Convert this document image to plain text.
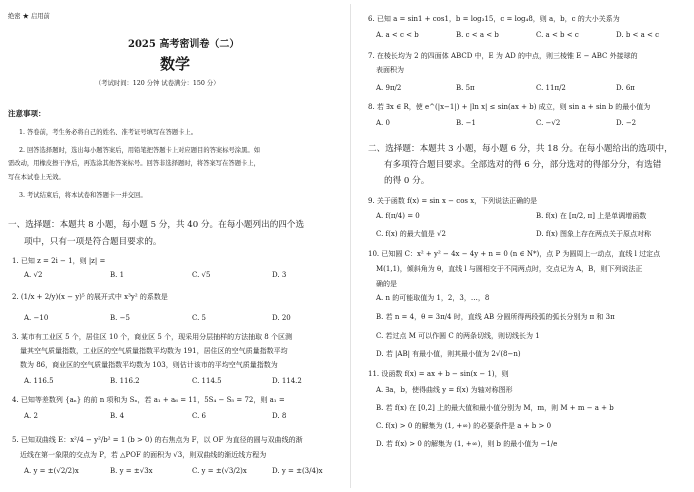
绝密 ★ 启用前
2025 高考密训卷（二）
数学
（考试时间：120 分钟 试卷满分：150 分）
注意事项：
1. 答卷前，考生务必将自己的姓名、准考证号填写在答题卡上。
2. 回答选择题时，选出每小题答案后，用铅笔把答题卡上对应题目的答案标号涂黑。如
需改动，用橡皮擦干净后，再选涂其他答案标号。回答非选择题时，将答案写在答题卡上，
写在本试卷上无效。
3. 考试结束后，将本试卷和答题卡一并交回。
一、选择题：本题共 8 小题，每小题 5 分，共 40 分。在每小题列出的四个选
项中，只有一项是符合题目要求的。
1. 已知 z = 2i − 1，则 |z| =
A. √2	B. 1	C. √5	D. 3
2. (1/x + 2/y)(x − y)⁵ 的展开式中 x³y² 的系数是
A. −10	B. −5	C. 5	D. 20
3. 某市有工业区 5 个，居住区 10 个，商业区 5 个，现采用分层抽样的方法抽取 8 个区测
量其空气质量指数，工业区的空气质量指数平均数为 191，居住区的空气质量指数平均
数为 86，商业区的空气质量指数平均数为 103，则估计该市的平均空气质量指数为
A. 116.5	B. 116.2	C. 114.5	D. 114.2
4. 已知等差数列 {aₙ} 的前 n 项和为 Sₙ，若 a₁ + a₆ = 11，5S₄ − S₅ = 72，则 a₁ =
A. 2	B. 4	C. 6	D. 8
5. 已知双曲线 E：x²/4 − y²/b² = 1 (b > 0) 的右焦点为 F，以 OF 为直径的圆与双曲线的渐
近线在第一象限的交点为 P，若 △POF 的面积为 √3，则双曲线的渐近线方程为
A. y = ±(√2/2)x	B. y = ±√3x	C. y = ±(√3/2)x	D. y = ±(3/4)x
6. 已知 a = sin1 + cos1，b = log₃15，c = log₄8，则 a，b，c 的大小关系为
A. a < c < b	B. c < a < b	C. a < b < c	D. b < a < c
7. 在棱长均为 2 的四面体 ABCD 中，E 为 AD 的中点，则三棱锥 E − ABC 外接球的
表面积为
A. 9π/2	B. 5π	C. 11π/2	D. 6π
8. 若 ∃x ∈ R，使 e^(|x−1|) + |ln x| ≤ sin(ax + b) 成立，则 sin a + sin b 的最小值为
A. 0	B. −1	C. −√2	D. −2
二、选择题：本题共 3 小题，每小题 6 分，共 18 分。在每小题给出的选项中，
有多项符合题目要求。全部选对的得 6 分，部分选对的得部分分，有选错
的得 0 分。
9. 关于函数 f(x) = sin x − cos x，下列说法正确的是
A. f(π/4) = 0	B. f(x) 在 [π/2, π] 上是单调增函数
C. f(x) 的最大值是 √2	D. f(x) 图象上存在两点关于原点对称
10. 已知圆 C：x² + y² − 4x − 4y + n = 0 (n ∈ N*)，点 P 为圆周上一动点，直线 l 过定点
M(1,1)，倾斜角为 θ，直线 l 与圆相交于不同两点时，交点记为 A，B，则下列说法正
确的是
A. n 的可能取值为 1，2，3，…，8
B. 若 n = 4，θ = 3π/4 时，直线 AB 分圆所得两段弧的弧长分别为 π 和 3π
C. 若过点 M 可以作圆 C 的两条切线，则切线长为 1
D. 若 |AB| 有最小值，则其最小值为 2√(8−n)
11. 设函数 f(x) = ax + b − sin(x − 1)，则
A. ∃a，b，使得曲线 y = f(x) 为轴对称图形
B. 若 f(x) 在 [0,2] 上的最大值和最小值分别为 M，m，则 M + m − a + b
C. f(x) > 0 的解集为 (1, +∞) 的必要条件是 a + b > 0
D. 若 f(x) > 0 的解集为 (1, +∞)，则 b 的最小值为 −1/e
